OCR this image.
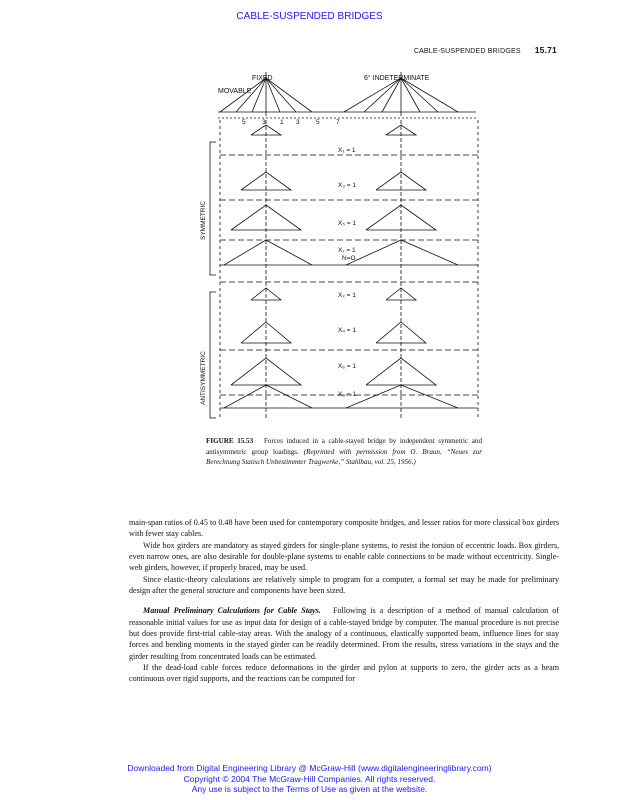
CABLE-SUSPENDED BRIDGES
CABLE-SUSPENDED BRIDGES 15.71
FIXED
MOVABLE
6° INDETERMINATE
5	3 1 3	5	7
X₁ = 1
X₃ = 1
X₅ = 1
X₇ = 1
N=O
X₂ = 1
X₄ = 1
X₆ = 1
X₈ = 1
SYMMETRIC
ANTISYMMETRIC
FIGURE 15.53 Forces induced in a cable-stayed bridge by independent symmetric and antisymmetric group loadings. (Reprinted with permission from O. Braun, “Neues zur Berechnung Statisch Unbestimmter Tragwerke,” Stahlbau, vol. 25, 1956.)

main-span ratios of 0.45 to 0.48 have been used for contemporary composite bridges, and lesser ratios for more classical box girders with fewer stay cables.

Wide box girders are mandatory as stayed girders for single-plane systems, to resist the torsion of eccentric loads. Box girders, even narrow ones, are also desirable for double-plane systems to enable cable connections to be made without eccentricity. Single-web girders, however, if properly braced, may be used.

Since elastic-theory calculations are relatively simple to program for a computer, a formal set may be made for preliminary design after the general structure and components have been sized.

Manual Preliminary Calculations for Cable Stays. Following is a description of a method of manual calculation of reasonable initial values for use as input data for design of a cable-stayed bridge by computer. The manual procedure is not precise but does provide first-trial cable-stay areas. With the analogy of a continuous, elastically supported beam, influence lines for stay forces and bending moments in the stayed girder can be readily determined. From the results, stress variations in the stays and the girder resulting from concentrated loads can be estimated.

If the dead-load cable forces reduce deformations in the girder and pylon at supports to zero, the girder acts as a beam continuous over rigid supports, and the reactions can be computed for

Downloaded from Digital Engineering Library @ McGraw-Hill (www.digitalengineeringlibrary.com)
Copyright © 2004 The McGraw-Hill Companies. All rights reserved.
Any use is subject to the Terms of Use as given at the website.
